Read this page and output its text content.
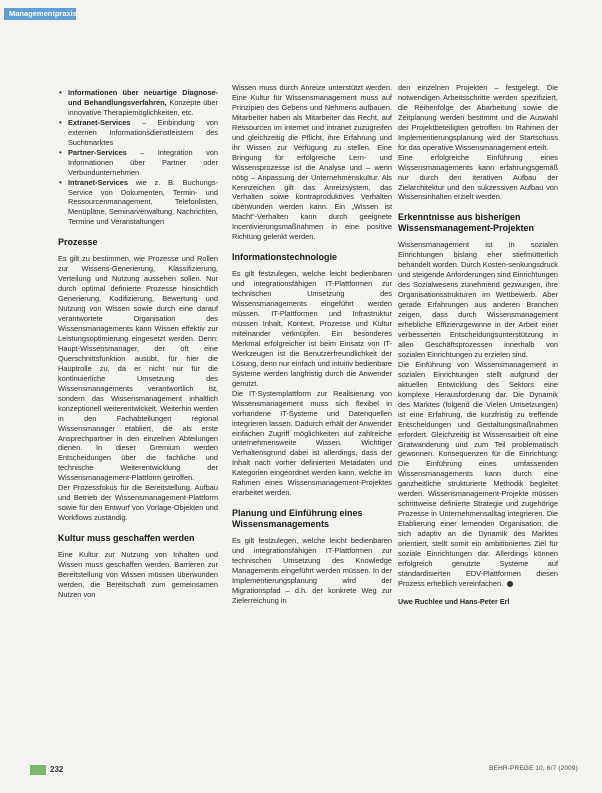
Managementpraxis
• Informationen über neuartige Diagnose- und Behandlungsverfahren, Konzepte über innovative Therapiemöglichkeiten, etc.
• Extranet-Services – Einbindung von externen Informationsdienstleistern des Suchtmarktes
• Partner-Services – Integration von Informationen über Partner oder Verbundunternehmen
• Intranet-Services wie z. B. Buchungs-Service von Dokumenten, Termin- und Ressourcenmanagement, Telefonlisten, Menüpläne, Seminarverwaltung, Nachrichten, Termine und Veranstaltungen
Prozesse

Es gilt zu bestimmen, wie Prozesse und Rollen zur Wissens-Generierung, Klassifizierung, Verteilung und Nutzung aussehen sollen. Nur durch optimal definierte Prozesse hinsichtlich Generierung, Kodifizierung, Bewertung und Nutzung von Wissen sowie durch eine darauf verantwortete Organisation des Wissensmanagements kann Wissen effektiv zur Leistungsoptimierung eingesetzt werden. Denn: Haupt-Wissensmanager, der oft eine Querschnittsfunktion ausübt, für hier die Hauptrolle zu, da er nicht nur für die kontinuierliche Umsetzung des Wissensmanagements verantwortlich ist, sondern das Wissensmanagement inhaltlich konzeptionell weiterentwickelt. Weiterhin werden in den Fachabteilungen regional Wissensmanager etabliert, die als erste Ansprechpartner in den einzelnen Abteilungen dienen. In dieser Gremium werden Entscheidungen über die fachliche und technische Weiterentwicklung der Wissensmanagement-Plattform getroffen.

Der Prozessfokus für die Bereitstellung, Aufbau und Betrieb der Wissensmanagement-Plattform sowie für den Entwurf von Vorlage-Objekten und Workflows zuständig.

Kultur muss geschaffen werden

Eine Kultur zur Nutzung von Inhalten und Wissen muss geschaffen werden. Barrieren zur Bereitstellung von Wissen müssen überwunden werden, die Bereitschaft zum gemeinsamen Nutzen von

Wissen muss durch Anreize unterstützt werden. Eine Kultur für Wissensmanagement muss auf Prinzipien des Gebens und Nehmens aufbauen. Mitarbeiter haben als Mitarbeiter das Recht, auf Ressourcen im internet und intranet zuzugreifen und gleichzeitig die Pflicht, ihre Erfahrung und ihr Wissen zur Verfügung zu stellen. Eine Bringung für erfolgreiche Lern- und Wissensprozesse ist die Analyse und – wenn nötig – Anpassung der Unternehmenskultur. Als Kennzeichen gilt das Anreizsystem, das Verhalten sowie kontraproduktives Verhalten überwunden werden kann. Ein „Wissen ist Macht“-Verhalten kann durch geeignete Incentivierungsmaßnahmen in eine positive Richtung gelenkt werden.

Informationstechnologie

Es gilt festzulegen, welche leicht bedienbaren und integrationsfähigen IT-Plattformen zur technischen Umsetzung des Wissensmanagements eingeführt werden müssen. IT-Plattformen und Infrastruktur müssen Inhalt, Kontext, Prozesse und Kultur miteinander verknüpfen. Ein besonderes Merkmal erfolgreicher ist beim Einsatz von IT-Werkzeugen ist die Benutzerfreundlichkeit der Lösung, denn nur einfach und intuitiv bedienbare Systeme werden langfristig durch die Anwender genutzt.

Die IT-Systemplattform zur Realisierung von Wissensmanagement muss sich flexibel in vorhandene IT-Systeme und Datenquellen integrieren lassen. Dadurch erhält der Anwender einfachen Zugriff möglichkeiten auf zahlreiche unternehmensweite Wissen. Wichtiger Verhaltensgrund dabei ist allerdings, dass der Inhalt nach vorher definierten Metadaten und Kategorien eingeordnet werden kann, welche im Rahmen eines Wissensmanagement-Projektes erarbeitet werden.

Planung und Einführung eines Wissensmanagements

Es gilt festzulegen, welche leicht bedienbaren und integrationsfähigen IT-Plattformen zur technischen Umsetzung des Knowledge Managements eingeführt werden müssen. In der Implementierungsplanung wird der Migrationspfad – d.h. der konkrete Weg zur Zielerreichung in

den einzelnen Projekten – festgelegt. Die notwendigen Arbeitsschritte werden spezifiziert, die Reihenfolge der Abarbeitung sowie die Zeitplanung werden bestimmt und die Auswahl der Projektbeteiligten getroffen. Im Rahmen der Implementierungsplanung wird der Startschuss für das operative Wissensmanagement erteilt.

Eine erfolgreiche Einführung eines Wissensmanagements kann erfahrungsgemäß nur durch den iterativen Aufbau der Zielarchitektur und den sukzessiven Aufbau von Wissensinhalten erzielt werden.

Erkenntnisse aus bisherigen Wissensmanagement-Projekten

Wissensmanagement ist in sozialen Einrichtungen bislang eher stiefmütterlich behandelt worden. Durch Kosten-senkungsdruck und steigende Anforderungen sind Einrichtungen des Sozialwesens zunehmend gezwungen, ihre Organisationsstrukturen im Wettbewerb. Aber gerade Erfahrungen aus anderen Branchen zeigen, dass durch Wissensmanagement erhebliche Effizienzgewinne in der Arbeit einer verbesserten Entscheidungsunterstützung in allen Geschäftsprozessen innerhalb von sozialen Einrichtungen zu erzielen sind.

Die Einführung von Wissensmanagement in sozialen Einrichtungen stellt aufgrund der aktuellen Entwicklung des Sektors eine komplexe Herausforderung dar. Die Dynamik des Marktes (folgend die Vielen Umsetzungen) ist eine Erfahrung, die kurzfristig zu treffende Entscheidungen und Gestaltungsmaßnahmen erfordert. Gleichzeitig ist Wissensarbeit oft eine Gratwanderung und zum Teil problematisch gewonnen. Konsequenzen für die Einrichtung: Die Einführung eines umfassenden Wissensmanagements kann durch eine ganzheitliche strukturierte Methodik begleitet werden. Wissensmanagement-Projekte müssen schrittweise definierte Strategie und zugehörige Prozesse in Unternehmensalltag integrieren. Die Etablierung einer lernenden Organisation, die sich adaptiv an die Dynamik des Marktes orientiert, stellt somit ein ambitioniertes Ziel für soziale Einrichtungen dar. Allerdings können erfolgreich genutzte Systeme auf standardisierten EDV-Plattformen diesen Prozess erheblich vereinfachen.

Uwe Ruchlee und Hans-Peter Erl
232	BEHR-PREGE 10, 6/7 (2009)
